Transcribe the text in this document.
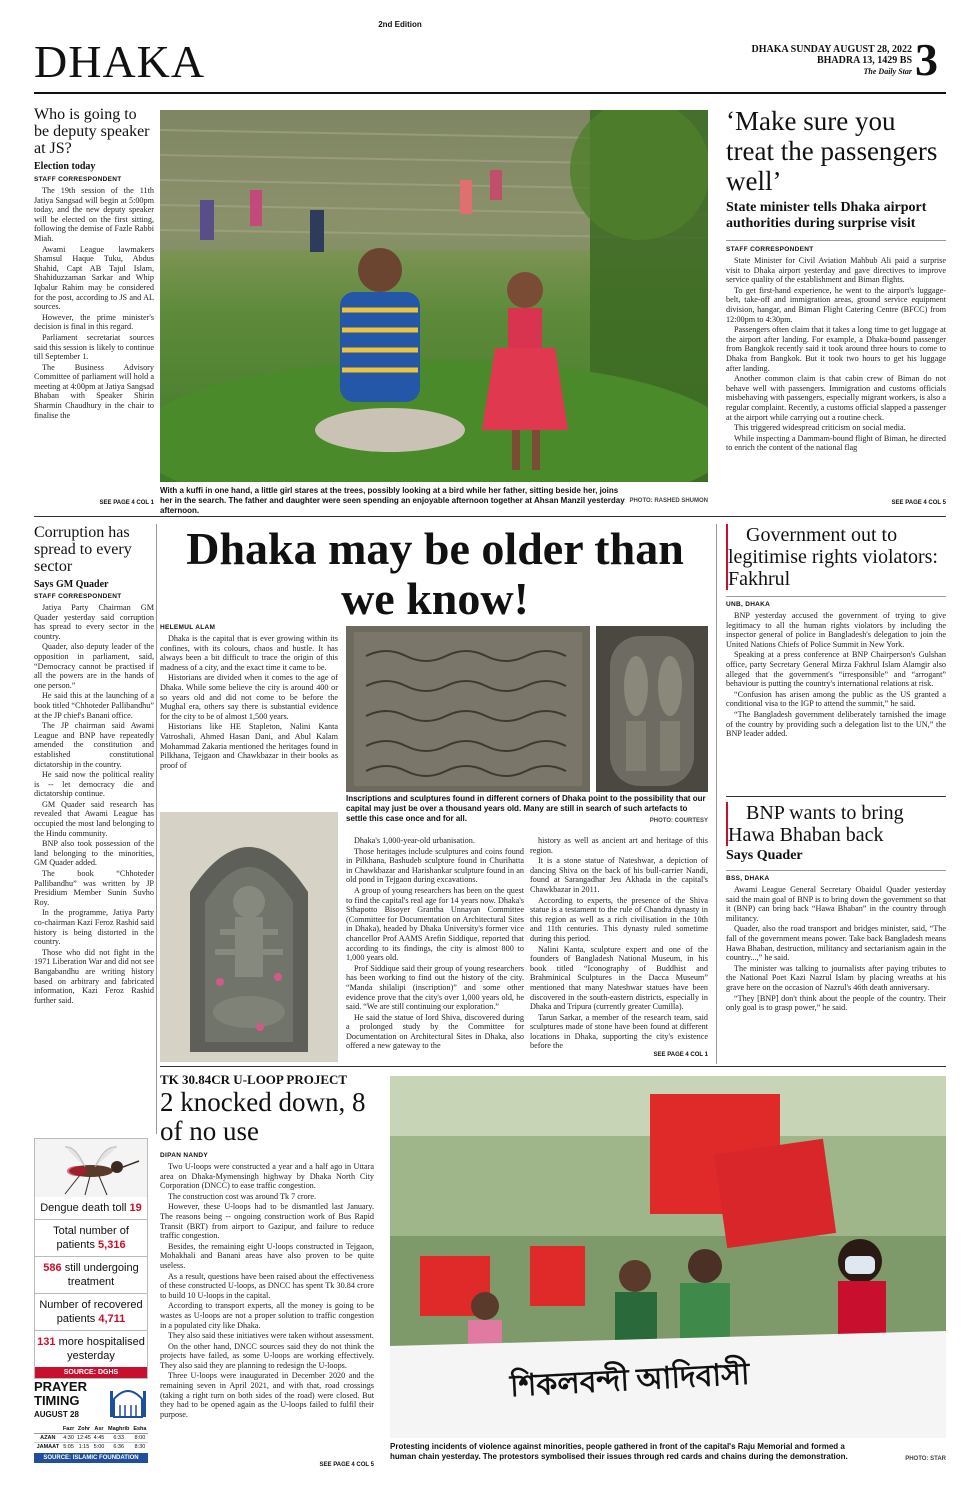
2nd Edition
DHAKA	DHAKA SUNDAY AUGUST 28, 2022
BHADRA 13, 1429 BS
The Daily Star 3
Who is going to be deputy speaker at JS?
Election today
STAFF CORRESPONDENT

The 19th session of the 11th Jatiya Sangsad will begin at 5:00pm today, and the new deputy speaker will be elected on the first sitting, following the demise of Fazle Rabbi Miah.

Awami League lawmakers Shamsul Haque Tuku, Abdus Shahid, Capt AB Tajul Islam, Shahiduzzaman Sarkar and Whip Iqbalur Rahim may be considered for the post, according to JS and AL sources.

However, the prime minister's decision is final in this regard.

Parliament secretariat sources said this session is likely to continue till September 1.

The Business Advisory Committee of parliament will hold a meeting at 4:00pm at Jatiya Sangsad Bhaban with Speaker Shirin Sharmin Chaudhury in the chair to finalise the

SEE PAGE 4 COL 1
With a kuffi in one hand, a little girl stares at the trees, possibly looking at a bird while her father, sitting beside her, joins her in the search. The father and daughter were seen spending an enjoyable afternoon together at Ahsan Manzil yesterday afternoon.
PHOTO: RASHED SHUMON
‘Make sure you treat the passengers well’
State minister tells Dhaka airport authorities during surprise visit
STAFF CORRESPONDENT

State Minister for Civil Aviation Mahbub Ali paid a surprise visit to Dhaka airport yesterday and gave directives to improve service quality of the establishment and Biman flights.

To get first-hand experience, he went to the airport's luggage-belt, take-off and immigration areas, ground service equipment division, hangar, and Biman Flight Catering Centre (BFCC) from 12:00pm to 4:30pm.

Passengers often claim that it takes a long time to get luggage at the airport after landing. For example, a Dhaka-bound passenger from Bangkok recently said it took around three hours to come to Dhaka from Bangkok. But it took two hours to get his luggage after landing.

Another common claim is that cabin crew of Biman do not behave well with passengers. Immigration and customs officials misbehaving with passengers, especially migrant workers, is also a regular complaint. Recently, a customs official slapped a passenger at the airport while carrying out a routine check.

This triggered widespread criticism on social media.

While inspecting a Dammam-bound flight of Biman, he directed to enrich the content of the national flag

SEE PAGE 4 COL 5
Corruption has spread to every sector
Says GM Quader
STAFF CORRESPONDENT

Jatiya Party Chairman GM Quader yesterday said corruption has spread to every sector in the country.

Quader, also deputy leader of the opposition in parliament, said, “Democracy cannot be practised if all the powers are in the hands of one person.”

He said this at the launching of a book titled “Chhoteder Pallibandhu” at the JP chief's Banani office.

The JP chairman said Awami League and BNP have repeatedly amended the constitution and established constitutional dictatorship in the country.

He said now the political reality is -- let democracy die and dictatorship continue.

GM Quader said research has revealed that Awami League has occupied the most land belonging to the Hindu community.

BNP also took possession of the land belonging to the minorities, GM Quader added.

The book “Chhoteder Pallibandhu” was written by JP Presidium Member Sunin Suvho Roy.

In the programme, Jatiya Party co-chairman Kazi Feroz Rashid said history is being distorted in the country.

Those who did not fight in the 1971 Liberation War and did not see Bangabandhu are writing history based on arbitrary and fabricated information, Kazi Feroz Rashid further said.

Dhaka may be older than we know!
HELEMUL ALAM

Dhaka is the capital that is ever growing within its confines, with its colours, chaos and hustle. It has always been a bit difficult to trace the origin of this madness of a city, and the exact time it came to be.

Historians are divided when it comes to the age of Dhaka. While some believe the city is around 400 or so years old and did not come to be before the Mughal era, others say there is substantial evidence for the city to be of almost 1,500 years.

Historians like HE Stapleton, Nalini Kanta Vatroshali, Ahmed Hasan Dani, and Abul Kalam Mohammad Zakaria mentioned the heritages found in Pilkhana, Tejgaon and Chawkbazar in their books as proof of

Inscriptions and sculptures found in different corners of Dhaka point to the possibility that our capital may just be over a thousand years old. Many are still in search of such artefacts to settle this case once and for all.	PHOTO: COURTESY

Dhaka's 1,000-year-old urbanisation.

Those heritages include sculptures and coins found in Pilkhana, Bashudeb sculpture found in Churihatta in Chawkbazar and Harishankar sculpture found in an old pond in Tejgaon during excavations.

A group of young researchers has been on the quest to find the capital's real age for 14 years now. Dhaka's Sthapotto Bisoyer Grantha Unnayan Committee (Committee for Documentation on Architectural Sites in Dhaka), headed by Dhaka University's former vice chancellor Prof AAMS Arefin Siddique, reported that according to its findings, the city is almost 800 to 1,000 years old.

Prof Siddique said their group of young researchers has been working to find out the history of the city. “Manda shilalipi (inscription)” and some other evidence prove that the city's over 1,000 years old, he said. “We are still continuing our exploration.”

He said the statue of lord Shiva, discovered during a prolonged study by the Committee for Documentation on Architectural Sites in Dhaka, also offered a new gateway to the

history as well as ancient art and heritage of this region.

It is a stone statue of Nateshwar, a depiction of dancing Shiva on the back of his bull-carrier Nandi, found at Sarangadhar Jeu Akhada in the capital's Chawkbazar in 2011.

According to experts, the presence of the Shiva statue is a testament to the rule of Chandra dynasty in this region as well as a rich civilisation in the 10th and 11th centuries. This dynasty ruled sometime during this period.

Nalini Kanta, sculpture expert and one of the founders of Bangladesh National Museum, in his book titled “Iconography of Buddhist and Brahminical Sculptures in the Dacca Museum” mentioned that many Nateshwar statues have been discovered in the south-eastern districts, especially in Dhaka and Tripura (currently greater Cumilla).

Tarun Sarkar, a member of the research team, said sculptures made of stone have been found at different locations in Dhaka, supporting the city's existence before the

SEE PAGE 4 COL 1
Government out to legitimise rights violators: Fakhrul
UNB, DHAKA

BNP yesterday accused the government of trying to give legitimacy to all the human rights violators by including the inspector general of police in Bangladesh's delegation to join the United Nations Chiefs of Police Summit in New York.

Speaking at a press conference at BNP Chairperson's Gulshan office, party Secretary General Mirza Fakhrul Islam Alamgir also alleged that the government's “irresponsible” and “arrogant” behaviour is putting the country's international relations at risk.

“Confusion has arisen among the public as the US granted a conditional visa to the IGP to attend the summit,” he said.

“The Bangladesh government deliberately tarnished the image of the country by providing such a delegation list to the UN,” the BNP leader added.

BNP wants to bring Hawa Bhaban back
Says Quader
BSS, DHAKA

Awami League General Secretary Obaidul Quader yesterday said the main goal of BNP is to bring down the government so that it (BNP) can bring back “Hawa Bhaban” in the country through militancy.

Quader, also the road transport and bridges minister, said, “The fall of the government means power. Take back Bangladesh means Hawa Bhaban, destruction, militancy and sectarianism again in the country...,” he said.

The minister was talking to journalists after paying tributes to the National Poet Kazi Nazrul Islam by placing wreaths at his grave here on the occasion of Nazrul's 46th death anniversary.

“They [BNP] don't think about the people of the country. Their only goal is to grasp power,” he said.

TK 30.84CR U-LOOP PROJECT
2 knocked down, 8 of no use
DIPAN NANDY

Two U-loops were constructed a year and a half ago in Uttara area on Dhaka-Mymensingh highway by Dhaka North City Corporation (DNCC) to ease traffic congestion.

The construction cost was around Tk 7 crore.

However, these U-loops had to be dismantled last January. The reasons being -- ongoing construction work of Bus Rapid Transit (BRT) from airport to Gazipur, and failure to reduce traffic congestion.

Besides, the remaining eight U-loops constructed in Tejgaon, Mohakhali and Banani areas have also proven to be quite useless.

As a result, questions have been raised about the effectiveness of these constructed U-loops, as DNCC has spent Tk 30.84 crore to build 10 U-loops in the capital.

According to transport experts, all the money is going to be wastes as U-loops are not a proper solution to traffic congestion in a populated city like Dhaka.

They also said these initiatives were taken without assessment.

On the other hand, DNCC sources said they do not think the projects have failed, as some U-loops are working effectively. They also said they are planning to redesign the U-loops.

Three U-loops were inaugurated in December 2020 and the remaining seven in April 2021, and with that, road crossings (taking a right turn on both sides of the road) were closed. But they had to be opened again as the U-loops failed to fulfil their purpose.

SEE PAGE 4 COL 5
Dengue death toll 19
Total number of
patients 5,316
586 still undergoing
treatment
Number of recovered
patients 4,711
131 more hospitalised
yesterday
SOURCE: DGHS
PRAYER
TIMING
AUGUST 28
	Fazr	Zohr	Asr	Maghrib	Esha
AZAN	4:30	12:45	4:45	6:33	8:00
JAMAAT	5:05	1:15	5:00	6:36	8:30
SOURCE: ISLAMIC FOUNDATION
শিকলবন্দী আদিবাসী
Protesting incidents of violence against minorities, people gathered in front of the capital's Raju Memorial and formed a human chain yesterday. The protestors symbolised their issues through red cards and chains during the demonstration.	PHOTO: STAR
